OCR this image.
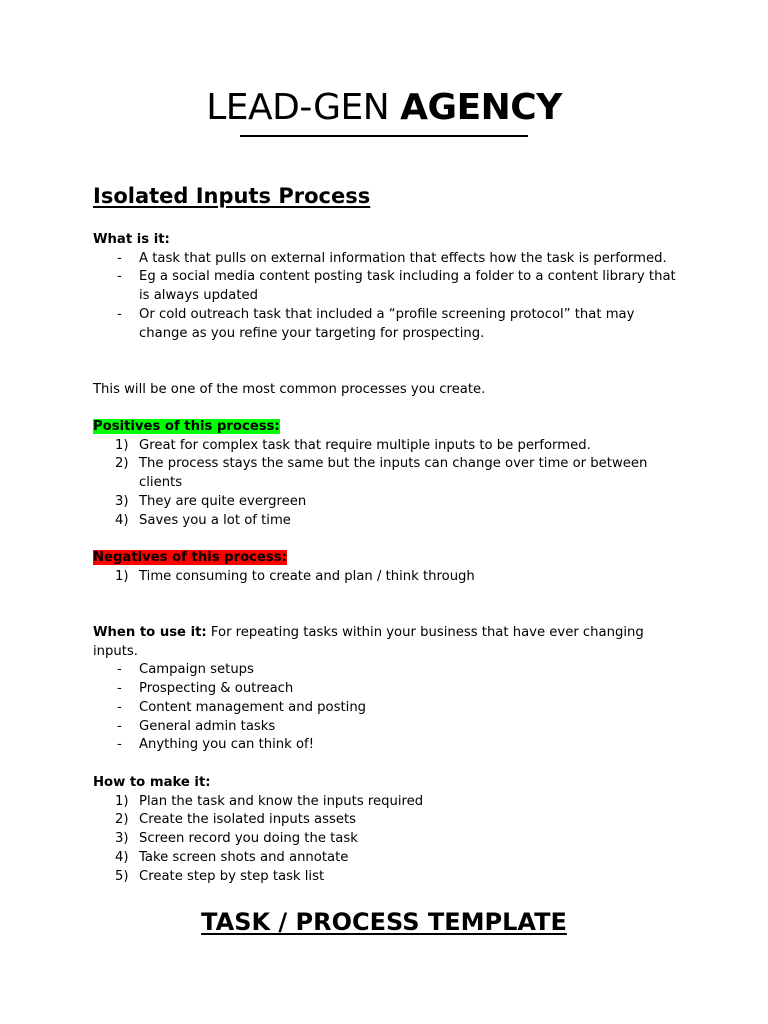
LEAD-GEN AGENCY
Isolated Inputs Process
What is it:
-	A task that pulls on external information that effects how the task is performed.
-	Eg a social media content posting task including a folder to a content library that is always updated
-	Or cold outreach task that included a “profile screening protocol” that may change as you refine your targeting for prospecting.
This will be one of the most common processes you create.
Positives of this process:
1) Great for complex task that require multiple inputs to be performed.
2) The process stays the same but the inputs can change over time or between clients
3) They are quite evergreen
4) Saves you a lot of time
Negatives of this process:
1) Time consuming to create and plan / think through
When to use it: For repeating tasks within your business that have ever changing inputs.
-	Campaign setups
-	Prospecting & outreach
-	Content management and posting
-	General admin tasks
-	Anything you can think of!
How to make it:
1) Plan the task and know the inputs required
2) Create the isolated inputs assets
3) Screen record you doing the task
4) Take screen shots and annotate
5) Create step by step task list
TASK / PROCESS TEMPLATE
